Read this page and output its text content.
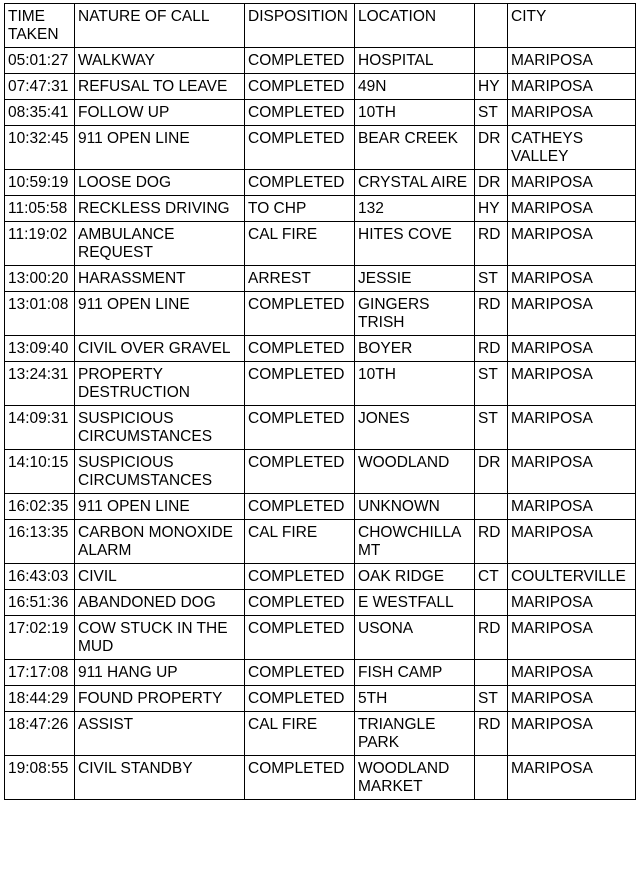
TIME TAKEN	NATURE OF CALL	DISPOSITION	LOCATION		CITY
05:01:27	WALKWAY	COMPLETED	HOSPITAL		MARIPOSA
07:47:31	REFUSAL TO LEAVE	COMPLETED	49N	HY	MARIPOSA
08:35:41	FOLLOW UP	COMPLETED	10TH	ST	MARIPOSA
10:32:45	911 OPEN LINE	COMPLETED	BEAR CREEK	DR	CATHEYS VALLEY
10:59:19	LOOSE DOG	COMPLETED	CRYSTAL AIRE	DR	MARIPOSA
11:05:58	RECKLESS DRIVING	TO CHP	132	HY	MARIPOSA
11:19:02	AMBULANCE REQUEST	CAL FIRE	HITES COVE	RD	MARIPOSA
13:00:20	HARASSMENT	ARREST	JESSIE	ST	MARIPOSA
13:01:08	911 OPEN LINE	COMPLETED	GINGERS TRISH	RD	MARIPOSA
13:09:40	CIVIL OVER GRAVEL	COMPLETED	BOYER	RD	MARIPOSA
13:24:31	PROPERTY DESTRUCTION	COMPLETED	10TH	ST	MARIPOSA
14:09:31	SUSPICIOUS CIRCUMSTANCES	COMPLETED	JONES	ST	MARIPOSA
14:10:15	SUSPICIOUS CIRCUMSTANCES	COMPLETED	WOODLAND	DR	MARIPOSA
16:02:35	911 OPEN LINE	COMPLETED	UNKNOWN		MARIPOSA
16:13:35	CARBON MONOXIDE ALARM	CAL FIRE	CHOWCHILLA MT	RD	MARIPOSA
16:43:03	CIVIL	COMPLETED	OAK RIDGE	CT	COULTERVILLE
16:51:36	ABANDONED DOG	COMPLETED	E WESTFALL		MARIPOSA
17:02:19	COW STUCK IN THE MUD	COMPLETED	USONA	RD	MARIPOSA
17:17:08	911 HANG UP	COMPLETED	FISH CAMP		MARIPOSA
18:44:29	FOUND PROPERTY	COMPLETED	5TH	ST	MARIPOSA
18:47:26	ASSIST	CAL FIRE	TRIANGLE PARK	RD	MARIPOSA
19:08:55	CIVIL STANDBY	COMPLETED	WOODLAND MARKET		MARIPOSA
